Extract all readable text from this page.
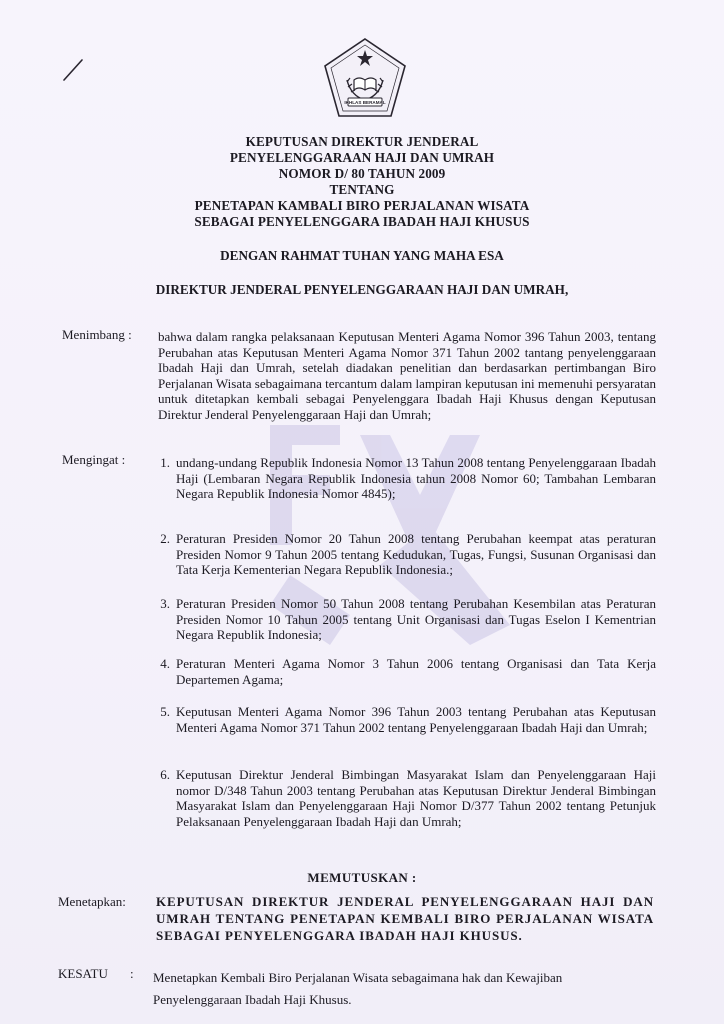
IKHLAS BERAMAL
KEPUTUSAN DIREKTUR JENDERAL
PENYELENGGARAAN HAJI DAN UMRAH
NOMOR D/ 80 TAHUN 2009
TENTANG
PENETAPAN KAMBALI BIRO PERJALANAN WISATA
SEBAGAI PENYELENGGARA IBADAH HAJI KHUSUS
DENGAN RAHMAT TUHAN YANG MAHA ESA
DIREKTUR JENDERAL PENYELENGGARAAN HAJI DAN UMRAH,
Menimbang : bahwa dalam rangka pelaksanaan Keputusan Menteri Agama Nomor 396 Tahun 2003, tentang Perubahan atas Keputusan Menteri Agama Nomor 371 Tahun 2002 tantang penyelenggaraan Ibadah Haji dan Umrah, setelah diadakan penelitian dan berdasarkan pertimbangan Biro Perjalanan Wisata sebagaimana tercantum dalam lampiran keputusan ini memenuhi persyaratan untuk ditetapkan kembali sebagai Penyelenggara Ibadah Haji Khusus dengan Keputusan Direktur Jenderal Penyelenggaraan Haji dan Umrah;
Mengingat :	1. undang-undang Republik Indonesia Nomor 13 Tahun 2008 tentang Penyelenggaraan Ibadah Haji (Lembaran Negara Republik Indonesia tahun 2008 Nomor 60; Tambahan Lembaran Negara Republik Indonesia Nomor 4845);
2. Peraturan Presiden Nomor 20 Tahun 2008 tentang Perubahan keempat atas peraturan Presiden Nomor 9 Tahun 2005 tentang Kedudukan, Tugas, Fungsi, Susunan Organisasi dan Tata Kerja Kementerian Negara Republik Indonesia.;
3. Peraturan Presiden Nomor 50 Tahun 2008 tentang Perubahan Kesembilan atas Peraturan Presiden Nomor 10 Tahun 2005 tentang Unit Organisasi dan Tugas Eselon I Kementrian Negara Republik Indonesia;
4. Peraturan Menteri Agama Nomor 3 Tahun 2006 tentang Organisasi dan Tata Kerja Departemen Agama;
5. Keputusan Menteri Agama Nomor 396 Tahun 2003 tentang Perubahan atas Keputusan Menteri Agama Nomor 371 Tahun 2002 tentang Penyelenggaraan Ibadah Haji dan Umrah;
6. Keputusan Direktur Jenderal Bimbingan Masyarakat Islam dan Penyelenggaraan Haji nomor D/348 Tahun 2003 tentang Perubahan atas Keputusan Direktur Jenderal Bimbingan Masyarakat Islam dan Penyelenggaraan Haji Nomor D/377 Tahun 2002 tentang Petunjuk Pelaksanaan Penyelenggaraan Ibadah Haji dan Umrah;
MEMUTUSKAN :
Menetapkan: KEPUTUSAN DIREKTUR JENDERAL PENYELENGGARAAN HAJI DAN UMRAH TENTANG PENETAPAN KEMBALI BIRO PERJALANAN WISATA SEBAGAI PENYELENGGARA IBADAH HAJI KHUSUS.
KESATU : Menetapkan Kembali Biro Perjalanan Wisata sebagaimana hak dan Kewajiban Penyelenggaraan Ibadah Haji Khusus.
